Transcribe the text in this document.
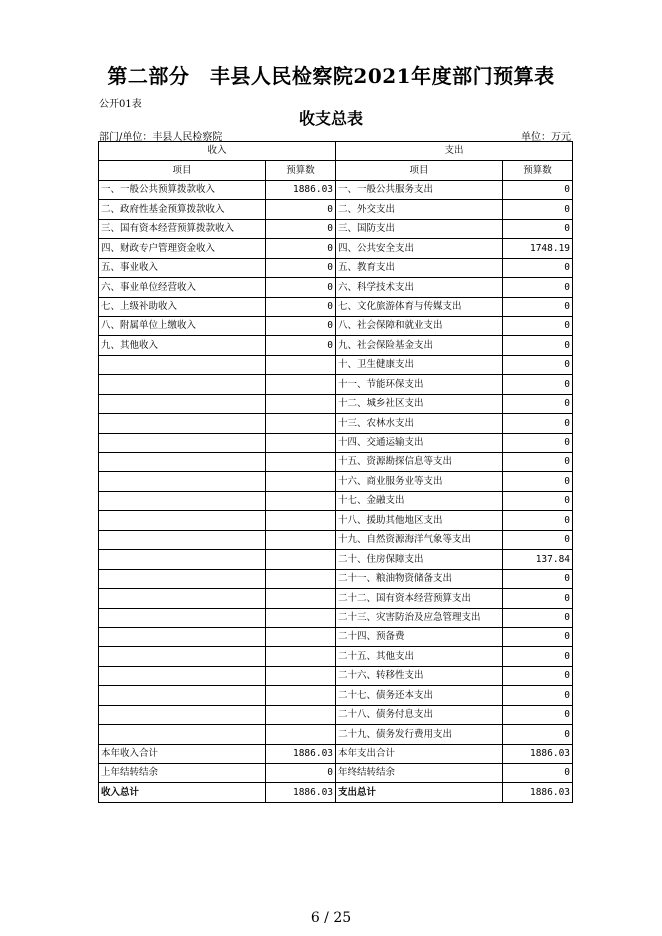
第二部分　丰县人民检察院2021年度部门预算表
公开01表
收支总表
部门/单位：丰县人民检察院	单位：万元
收入		支出	
项目	预算数	项目	预算数
一、一般公共预算拨款收入	1886.03	一、一般公共服务支出	0
二、政府性基金预算拨款收入	0	二、外交支出	0
三、国有资本经营预算拨款收入	0	三、国防支出	0
四、财政专户管理资金收入	0	四、公共安全支出	1748.19
五、事业收入	0	五、教育支出	0
六、事业单位经营收入	0	六、科学技术支出	0
七、上级补助收入	0	七、文化旅游体育与传媒支出	0
八、附属单位上缴收入	0	八、社会保障和就业支出	0
九、其他收入	0	九、社会保险基金支出	0
		十、卫生健康支出	0
		十一、节能环保支出	0
		十二、城乡社区支出	0
		十三、农林水支出	0
		十四、交通运输支出	0
		十五、资源勘探信息等支出	0
		十六、商业服务业等支出	0
		十七、金融支出	0
		十八、援助其他地区支出	0
		十九、自然资源海洋气象等支出	0
		二十、住房保障支出	137.84
		二十一、粮油物资储备支出	0
		二十二、国有资本经营预算支出	0
		二十三、灾害防治及应急管理支出	0
		二十四、预备费	0
		二十五、其他支出	0
		二十六、转移性支出	0
		二十七、债务还本支出	0
		二十八、债务付息支出	0
		二十九、债务发行费用支出	0
本年收入合计	1886.03	本年支出合计	1886.03
上年结转结余	0	年终结转结余	0
收入总计	1886.03	支出总计	1886.03
6 / 25
